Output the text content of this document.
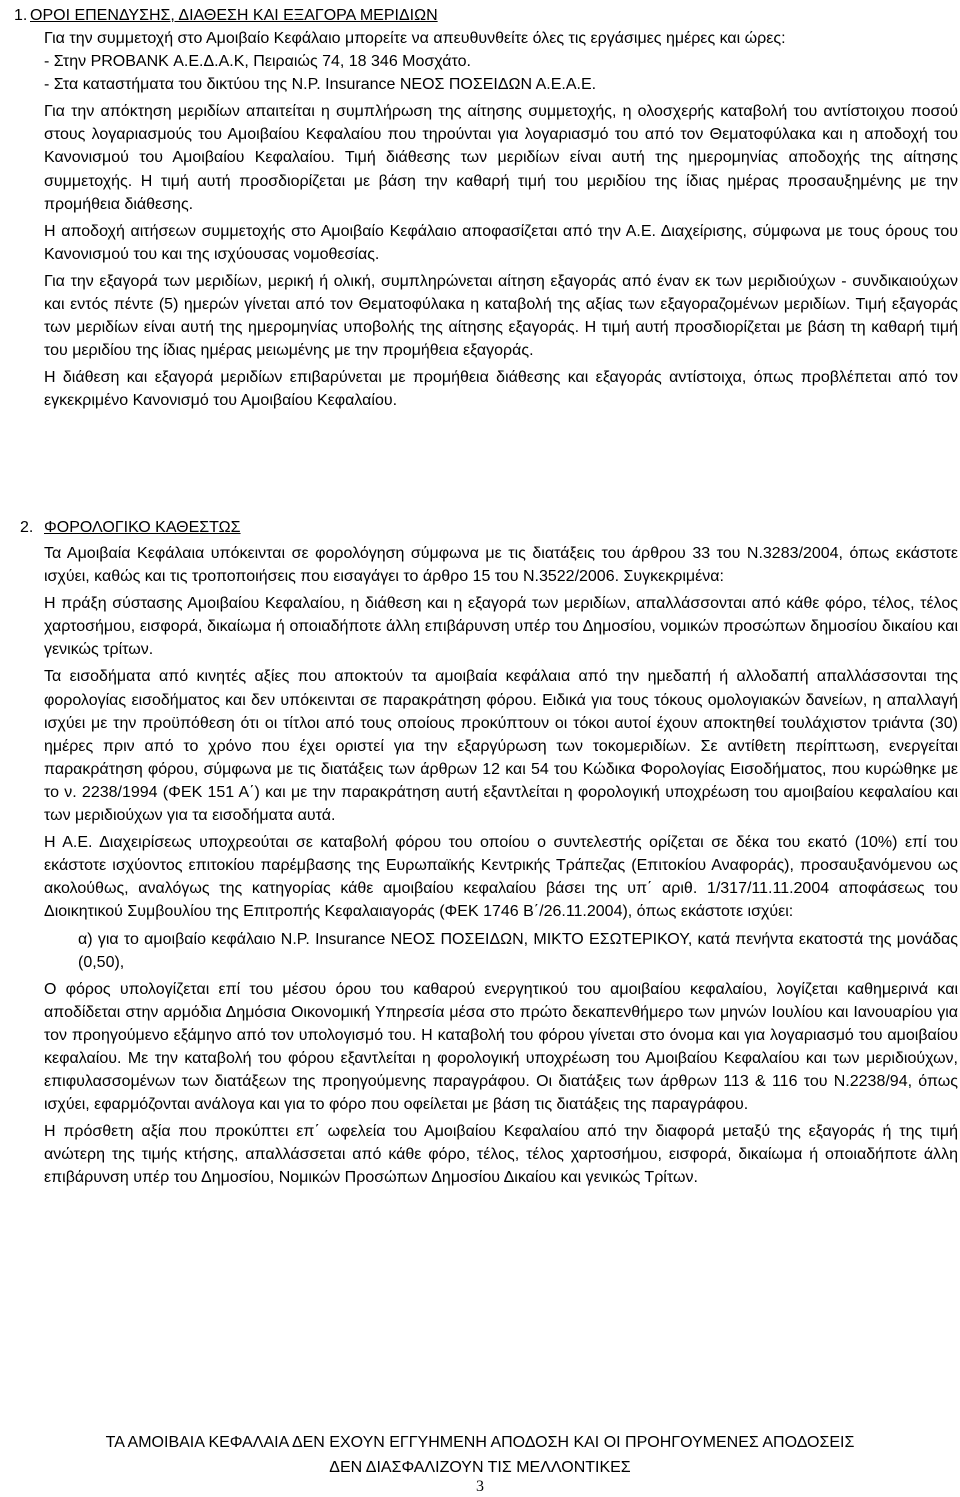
1. ΟΡΟΙ ΕΠΕΝΔΥΣΗΣ, ΔΙΑΘΕΣΗ ΚΑΙ ΕΞΑΓΟΡΑ ΜΕΡΙΔΙΩΝ

Για την συμμετοχή στο Αμοιβαίο Κεφάλαιο μπορείτε να απευθυνθείτε όλες τις εργάσιμες ημέρες και ώρες:

- Στην PROBANK Α.Ε.Δ.Α.Κ, Πειραιώς 74, 18 346 Μοσχάτο.

- Στα καταστήματα του δικτύου της N.P. Insurance ΝΕΟΣ ΠΟΣΕΙΔΩΝ Α.Ε.Α.Ε.

Για την απόκτηση μεριδίων απαιτείται η συμπλήρωση της αίτησης συμμετοχής, η ολοσχερής καταβολή του αντίστοιχου ποσού στους λογαριασμούς του Αμοιβαίου Κεφαλαίου που τηρούνται για λογαριασμό του από τον Θεματοφύλακα και η αποδοχή του Κανονισμού του Αμοιβαίου Κεφαλαίου. Τιμή διάθεσης των μεριδίων είναι αυτή της ημερομηνίας αποδοχής της αίτησης συμμετοχής. Η τιμή αυτή προσδιορίζεται με βάση την καθαρή τιμή του μεριδίου της ίδιας ημέρας προσαυξημένης με την προμήθεια διάθεσης.

Η αποδοχή αιτήσεων συμμετοχής στο Αμοιβαίο Κεφάλαιο αποφασίζεται από την Α.Ε. Διαχείρισης, σύμφωνα με τους όρους του Κανονισμού του και της ισχύουσας νομοθεσίας.

Για την εξαγορά των μεριδίων, μερική ή ολική, συμπληρώνεται αίτηση εξαγοράς από έναν εκ των μεριδιούχων - συνδικαιούχων και εντός πέντε (5) ημερών γίνεται από τον Θεματοφύλακα η καταβολή της αξίας των εξαγοραζομένων μεριδίων. Τιμή εξαγοράς των μεριδίων είναι αυτή της ημερομηνίας υποβολής της αίτησης εξαγοράς. Η τιμή αυτή προσδιορίζεται με βάση τη καθαρή τιμή του μεριδίου της ίδιας ημέρας μειωμένης με την προμήθεια εξαγοράς.

Η διάθεση και εξαγορά μεριδίων επιβαρύνεται με προμήθεια διάθεσης και εξαγοράς αντίστοιχα, όπως προβλέπεται από τον εγκεκριμένο Κανονισμό του Αμοιβαίου Κεφαλαίου.

2. ΦΟΡΟΛΟΓΙΚΟ ΚΑΘΕΣΤΩΣ

Τα Αμοιβαία Κεφάλαια υπόκεινται σε φορολόγηση σύμφωνα με τις διατάξεις του άρθρου 33 του Ν.3283/2004, όπως εκάστοτε ισχύει, καθώς και τις τροποποιήσεις που εισαγάγει το άρθρο 15 του Ν.3522/2006. Συγκεκριμένα:

Η πράξη σύστασης Αμοιβαίου Κεφαλαίου, η διάθεση και η εξαγορά των μεριδίων, απαλλάσσονται από κάθε φόρο, τέλος, τέλος χαρτοσήμου, εισφορά, δικαίωμα ή οποιαδήποτε άλλη επιβάρυνση υπέρ του Δημοσίου, νομικών προσώπων δημοσίου δικαίου και γενικώς τρίτων.

Τα εισοδήματα από κινητές αξίες που αποκτούν τα αμοιβαία κεφάλαια από την ημεδαπή ή αλλοδαπή απαλλάσσονται της φορολογίας εισοδήματος και δεν υπόκεινται σε παρακράτηση φόρου. Ειδικά για τους τόκους ομολογιακών δανείων, η απαλλαγή ισχύει με την προϋπόθεση ότι οι τίτλοι από τους οποίους προκύπτουν οι τόκοι αυτοί έχουν αποκτηθεί τουλάχιστον τριάντα (30) ημέρες πριν από το χρόνο που έχει οριστεί για την εξαργύρωση των τοκομεριδίων. Σε αντίθετη περίπτωση, ενεργείται παρακράτηση φόρου, σύμφωνα με τις διατάξεις των άρθρων 12 και 54 του Κώδικα Φορολογίας Εισοδήματος, που κυρώθηκε με το ν. 2238/1994 (ΦΕΚ 151 Α΄) και με την παρακράτηση αυτή εξαντλείται η φορολογική υποχρέωση του αμοιβαίου κεφαλαίου και των μεριδιούχων για τα εισοδήματα αυτά.

Η Α.Ε. Διαχειρίσεως υποχρεούται σε καταβολή φόρου του οποίου ο συντελεστής ορίζεται σε δέκα του εκατό (10%) επί του εκάστοτε ισχύοντος επιτοκίου παρέμβασης της Ευρωπαϊκής Κεντρικής Τράπεζας (Επιτοκίου Αναφοράς), προσαυξανόμενου ως ακολούθως, αναλόγως της κατηγορίας κάθε αμοιβαίου κεφαλαίου βάσει της υπ΄ αριθ. 1/317/11.11.2004 αποφάσεως του Διοικητικού Συμβουλίου της Επιτροπής Κεφαλαιαγοράς (ΦΕΚ 1746 Β΄/26.11.2004), όπως εκάστοτε ισχύει:

α) για το αμοιβαίο κεφάλαιο N.P. Insurance ΝΕΟΣ ΠΟΣΕΙΔΩΝ, ΜΙΚΤΟ ΕΣΩΤΕΡΙΚΟΥ, κατά πενήντα εκατοστά της μονάδας (0,50),

Ο φόρος υπολογίζεται επί του μέσου όρου του καθαρού ενεργητικού του αμοιβαίου κεφαλαίου, λογίζεται καθημερινά και αποδίδεται στην αρμόδια Δημόσια Οικονομική Υπηρεσία μέσα στο πρώτο δεκαπενθήμερο των μηνών Ιουλίου και Ιανουαρίου για τον προηγούμενο εξάμηνο από τον υπολογισμό του. Η καταβολή του φόρου γίνεται στο όνομα και για λογαριασμό του αμοιβαίου κεφαλαίου. Με την καταβολή του φόρου εξαντλείται η φορολογική υποχρέωση του Αμοιβαίου Κεφαλαίου και των μεριδιούχων, επιφυλασσομένων των διατάξεων της προηγούμενης παραγράφου. Οι διατάξεις των άρθρων 113 & 116 του Ν.2238/94, όπως ισχύει, εφαρμόζονται ανάλογα και για το φόρο που οφείλεται με βάση τις διατάξεις της παραγράφου.

Η πρόσθετη αξία που προκύπτει επ΄ ωφελεία του Αμοιβαίου Κεφαλαίου από την διαφορά μεταξύ της εξαγοράς ή της τιμή ανώτερη της τιμής κτήσης, απαλλάσσεται από κάθε φόρο, τέλος, τέλος χαρτοσήμου, εισφορά, δικαίωμα ή οποιαδήποτε άλλη επιβάρυνση υπέρ του Δημοσίου, Νομικών Προσώπων Δημοσίου Δικαίου και γενικώς Τρίτων.

ΤΑ ΑΜΟΙΒΑΙΑ ΚΕΦΑΛΑΙΑ ΔΕΝ ΕΧΟΥΝ ΕΓΓΥΗΜΕΝΗ ΑΠΟΔΟΣΗ ΚΑΙ ΟΙ ΠΡΟΗΓΟΥΜΕΝΕΣ ΑΠΟΔΟΣΕΙΣ
ΔΕΝ ΔΙΑΣΦΑΛΙΖΟΥΝ ΤΙΣ ΜΕΛΛΟΝΤΙΚΕΣ
3
